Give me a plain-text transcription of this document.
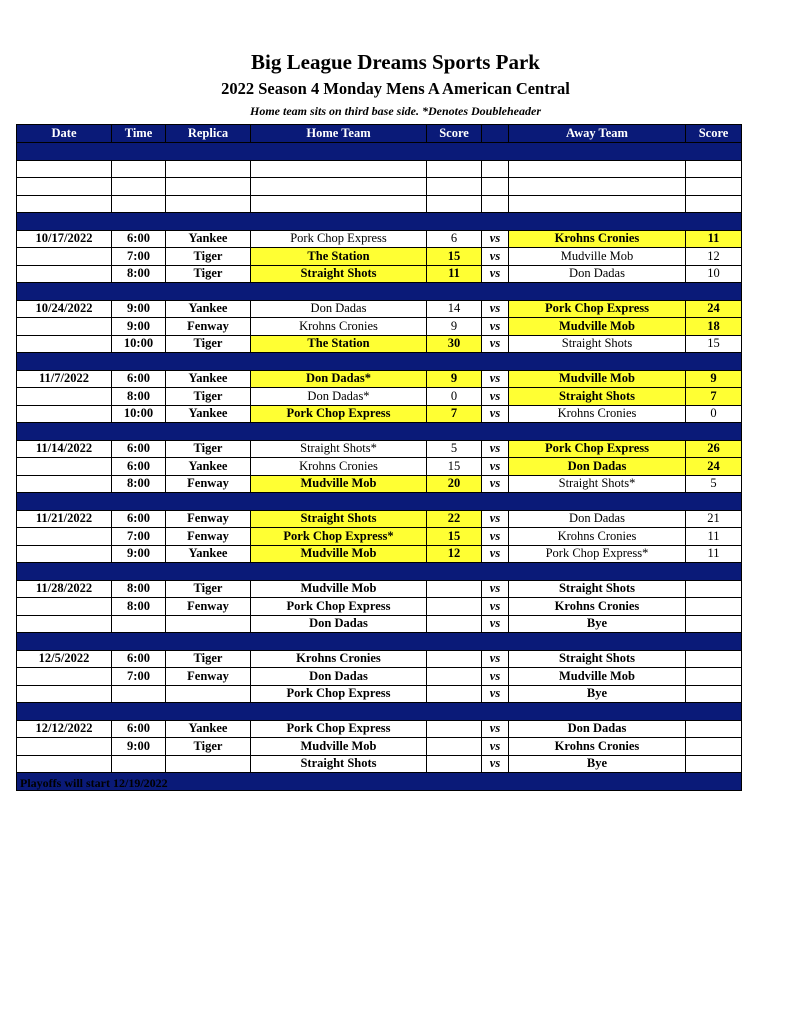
Big League Dreams Sports Park
2022 Season 4 Monday Mens A American Central
Home team sits on third base side. *Denotes Doubleheader
Date	Time	Replica	Home Team	Score		Away Team	Score

10/17/2022	6:00	Yankee	Pork Chop Express	6	vs	Krohns Cronies	11
	7:00	Tiger	The Station	15	vs	Mudville Mob	12
	8:00	Tiger	Straight Shots	11	vs	Don Dadas	10

10/24/2022	9:00	Yankee	Don Dadas	14	vs	Pork Chop Express	24
	9:00	Fenway	Krohns Cronies	9	vs	Mudville Mob	18
	10:00	Tiger	The Station	30	vs	Straight Shots	15

11/7/2022	6:00	Yankee	Don Dadas*	9	vs	Mudville Mob	9
	8:00	Tiger	Don Dadas*	0	vs	Straight Shots	7
	10:00	Yankee	Pork Chop Express	7	vs	Krohns Cronies	0

11/14/2022	6:00	Tiger	Straight Shots*	5	vs	Pork Chop Express	26
	6:00	Yankee	Krohns Cronies	15	vs	Don Dadas	24
	8:00	Fenway	Mudville Mob	20	vs	Straight Shots*	5

11/21/2022	6:00	Fenway	Straight Shots	22	vs	Don Dadas	21
	7:00	Fenway	Pork Chop Express*	15	vs	Krohns Cronies	11
	9:00	Yankee	Mudville Mob	12	vs	Pork Chop Express*	11

11/28/2022	8:00	Tiger	Mudville Mob		vs	Straight Shots	
	8:00	Fenway	Pork Chop Express		vs	Krohns Cronies	
			Don Dadas		vs	Bye	

12/5/2022	6:00	Tiger	Krohns Cronies		vs	Straight Shots	
	7:00	Fenway	Don Dadas		vs	Mudville Mob	
			Pork Chop Express		vs	Bye	

12/12/2022	6:00	Yankee	Pork Chop Express		vs	Don Dadas	
	9:00	Tiger	Mudville Mob		vs	Krohns Cronies	
			Straight Shots		vs	Bye	

Playoffs will start 12/19/2022
